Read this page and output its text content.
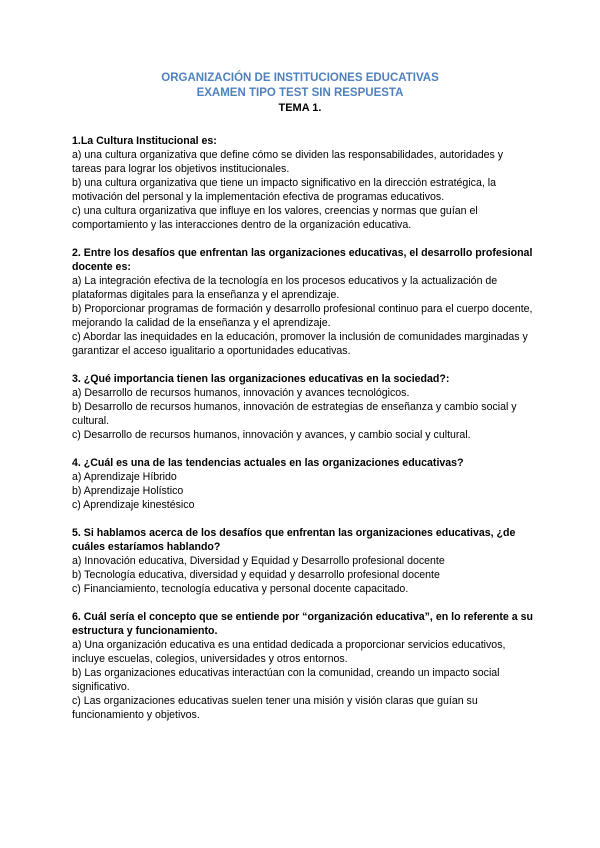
ORGANIZACIÓN DE INSTITUCIONES EDUCATIVAS
EXAMEN TIPO TEST SIN RESPUESTA
TEMA 1.

1.La Cultura Institucional es:

a) una cultura organizativa que define cómo se dividen las responsabilidades, autoridades y tareas para lograr los objetivos institucionales.

b) una cultura organizativa que tiene un impacto significativo en la dirección estratégica, la motivación del personal y la implementación efectiva de programas educativos.

c) una cultura organizativa que influye en los valores, creencias y normas que guían el comportamiento y las interacciones dentro de la organización educativa.

2. Entre los desafíos que enfrentan las organizaciones educativas, el desarrollo profesional docente es:

a) La integración efectiva de la tecnología en los procesos educativos y la actualización de plataformas digitales para la enseñanza y el aprendizaje.

b) Proporcionar programas de formación y desarrollo profesional continuo para el cuerpo docente, mejorando la calidad de la enseñanza y el aprendizaje.

c) Abordar las inequidades en la educación, promover la inclusión de comunidades marginadas y garantizar el acceso igualitario a oportunidades educativas.

3. ¿Qué importancia tienen las organizaciones educativas en la sociedad?:

a) Desarrollo de recursos humanos, innovación y avances tecnológicos.

b) Desarrollo de recursos humanos, innovación de estrategias de enseñanza y cambio social y cultural.

c) Desarrollo de recursos humanos, innovación y avances, y cambio social y cultural.

4. ¿Cuál es una de las tendencias actuales en las organizaciones educativas?

a) Aprendizaje Híbrido

b) Aprendizaje Holístico

c) Aprendizaje kinestésico

5. Si hablamos acerca de los desafíos que enfrentan las organizaciones educativas, ¿de cuáles estaríamos hablando?

a) Innovación educativa, Diversidad y Equidad y Desarrollo profesional docente

b) Tecnología educativa, diversidad y equidad y desarrollo profesional docente

c) Financiamiento, tecnología educativa y personal docente capacitado.

6. Cuál sería el concepto que se entiende por “organización educativa”, en lo referente a su estructura y funcionamiento.

a) Una organización educativa es una entidad dedicada a proporcionar servicios educativos, incluye escuelas, colegios, universidades y otros entornos.

b) Las organizaciones educativas interactúan con la comunidad, creando un impacto social significativo.

c) Las organizaciones educativas suelen tener una misión y visión claras que guían su funcionamiento y objetivos.
